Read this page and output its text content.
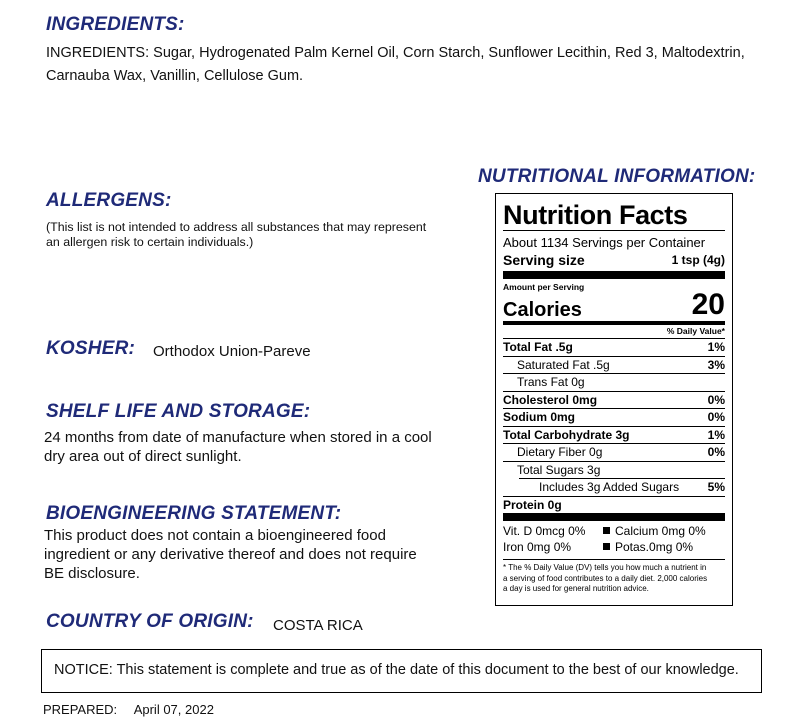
INGREDIENTS:
INGREDIENTS: Sugar, Hydrogenated Palm Kernel Oil, Corn Starch, Sunflower Lecithin, Red 3, Maltodextrin,
Carnauba Wax, Vanillin, Cellulose Gum.
ALLERGENS:
(This list is not intended to address all substances that may represent
an allergen risk to certain individuals.)
KOSHER: Orthodox Union-Pareve
SHELF LIFE AND STORAGE:
24 months from date of manufacture when stored in a cool
dry area out of direct sunlight.
BIOENGINEERING STATEMENT:
This product does not contain a bioengineered food
ingredient or any derivative thereof and does not require
BE disclosure.
COUNTRY OF ORIGIN: COSTA RICA
NUTRITIONAL INFORMATION:
Nutrition Facts
About 1134 Servings per Container
Serving size	1 tsp (4g)
Amount per Serving
Calories	20
% Daily Value*
Total Fat .5g	1%
Saturated Fat .5g	3%
Trans Fat 0g
Cholesterol 0mg	0%
Sodium 0mg	0%
Total Carbohydrate 3g	1%
Dietary Fiber 0g	0%
Total Sugars 3g
Includes 3g Added Sugars 5%
Protein 0g
Vit. D 0mcg 0%	Calcium 0mg 0%
Iron 0mg 0%	Potas.0mg 0%
* The % Daily Value (DV) tells you how much a nutrient in
a serving of food contributes to a daily diet. 2,000 calories
a day is used for general nutrition advice.
NOTICE: This statement is complete and true as of the date of this document to the best of our knowledge.
PREPARED: April 07, 2022
